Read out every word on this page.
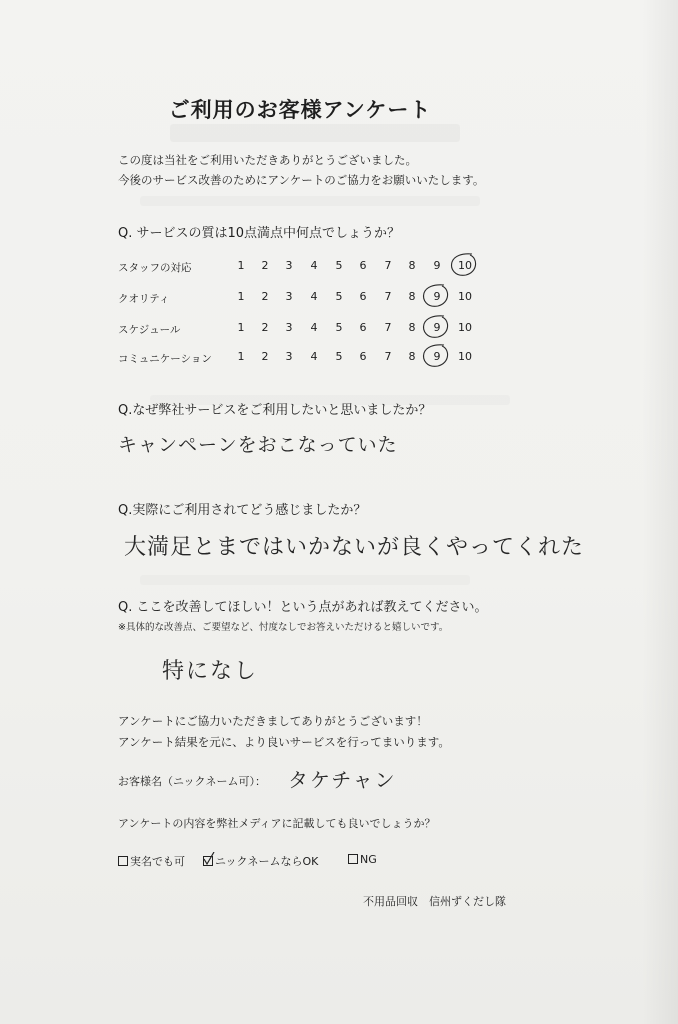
ご利用のお客様アンケート
この度は当社をご利用いただきありがとうございました。
今後のサービス改善のためにアンケートのご協力をお願いいたします。
Q. サービスの質は10点満点中何点でしょうか？
スタッフの対応	1	2	3	4	5	6	7	8	9	10
クオリティ	1	2	3	4	5	6	7	8	9	10
スケジュール	1	2	3	4	5	6	7	8	9	10
コミュニケーション	1	2	3	4	5	6	7	8	9	10
Q.なぜ弊社サービスをご利用したいと思いましたか？
キャンペーンをおこなっていた
Q.実際にご利用されてどう感じましたか？
大満足とまではいかないが良くやってくれた
Q. ここを改善してほしい！という点があれば教えてください。
※具体的な改善点、ご要望など、忖度なしでお答えいただけると嬉しいです。
特になし
アンケートにご協力いただきましてありがとうございます！
アンケート結果を元に、より良いサービスを行ってまいります。
お客様名（ニックネーム可）： タケチャン
アンケートの内容を弊社メディアに記載しても良いでしょうか？
実名でも可	ニックネームならOK	NG
不用品回収　信州ずくだし隊
